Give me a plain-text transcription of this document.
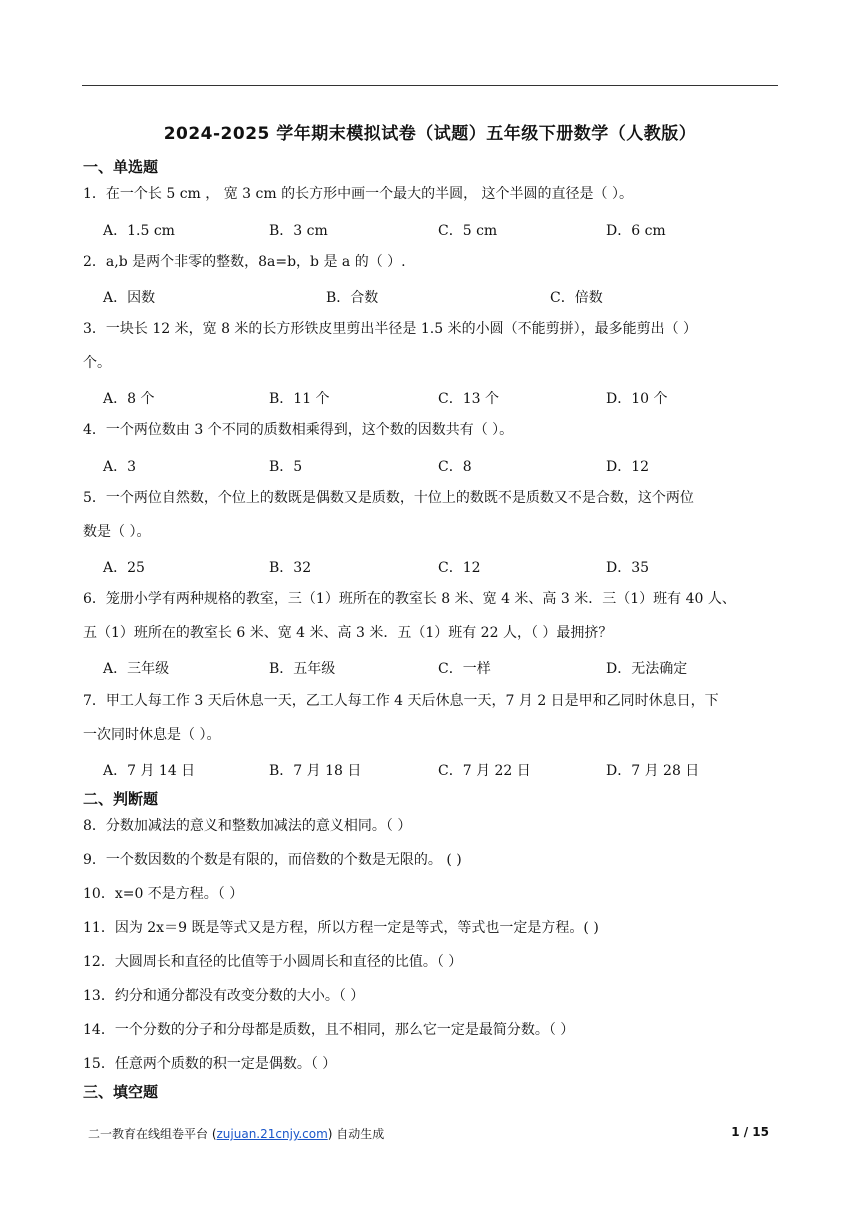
2024-2025 学年期末模拟试卷（试题）五年级下册数学（人教版）
一、单选题
1．在一个长 5 cm ， 宽 3 cm 的长方形中画一个最大的半圆， 这个半圆的直径是（ ）。
A．1.5 cm	B．3 cm	C．5 cm	D．6 cm
2．a,b 是两个非零的整数，8a=b，b 是 a 的（ ）.
A．因数	B．合数	C．倍数
3．一块长 12 米，宽 8 米的长方形铁皮里剪出半径是 1.5 米的小圆（不能剪拼），最多能剪出（ ）
个。
A．8 个	B．11 个	C．13 个	D．10 个
4．一个两位数由 3 个不同的质数相乘得到，这个数的因数共有（ ）。
A．3	B．5	C．8	D．12
5．一个两位自然数，个位上的数既是偶数又是质数，十位上的数既不是质数又不是合数，这个两位
数是（ ）。
A．25	B．32	C．12	D．35
6．笼册小学有两种规格的教室，三（1）班所在的教室长 8 米、宽 4 米、高 3 米．三（1）班有 40 人、
五（1）班所在的教室长 6 米、宽 4 米、高 3 米．五（1）班有 22 人，（ ）最拥挤？
A．三年级	B．五年级	C．一样	D．无法确定
7．甲工人每工作 3 天后休息一天，乙工人每工作 4 天后休息一天，7 月 2 日是甲和乙同时休息日，下
一次同时休息是（ ）。
A．7 月 14 日	B．7 月 18 日	C．7 月 22 日	D．7 月 28 日
二、判断题
8．分数加减法的意义和整数加减法的意义相同。（ ）
9．一个数因数的个数是有限的，而倍数的个数是无限的。 ( )
10．x=0 不是方程。（ ）
11．因为 2x＝9 既是等式又是方程，所以方程一定是等式，等式也一定是方程。( )
12．大圆周长和直径的比值等于小圆周长和直径的比值。（ ）
13．约分和通分都没有改变分数的大小。（ ）
14．一个分数的分子和分母都是质数，且不相同，那么它一定是最简分数。（ ）
15．任意两个质数的积一定是偶数。（ ）
三、填空题
二一教育在线组卷平台 (zujuan.21cnjy.com) 自动生成	1 / 15
